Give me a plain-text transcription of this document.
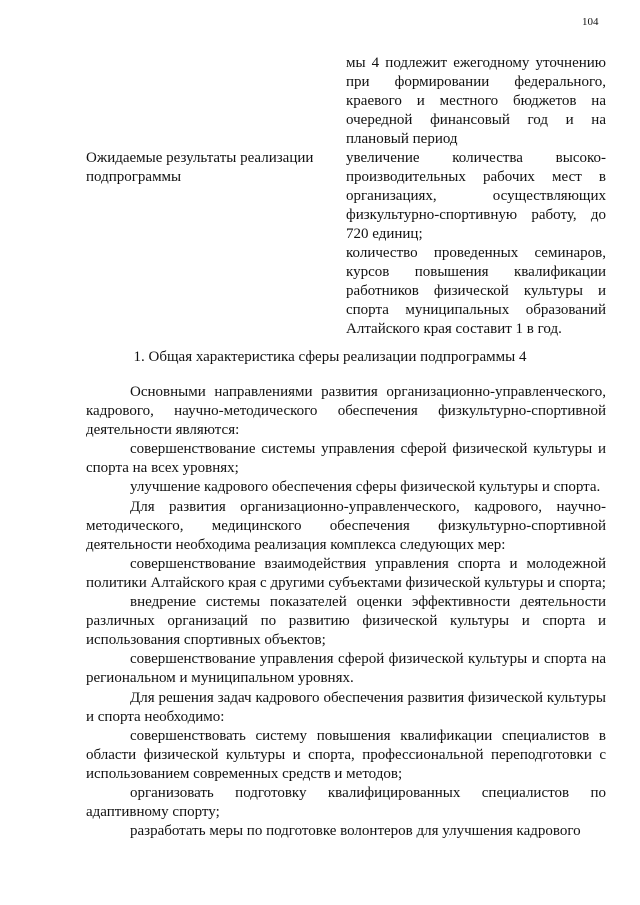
104

мы 4 подлежит ежегодному уточнению при формировании федерального, краевого и местного бюджетов на очередной финансовый год и на плановый период

Ожидаемые результаты реализации подпрограммы

увеличение количества высоко-производительных рабочих мест в организациях, осуществляющих физкультурно-спортивную работу, до 720 единиц;

количество проведенных семинаров, курсов повышения квалификации работников физической культуры и спорта муниципальных образований Алтайского края составит 1 в год.

1. Общая характеристика сферы реализации подпрограммы 4

Основными направлениями развития организационно-управленческого, кадрового, научно-методического обеспечения физкультурно-спортивной деятельности являются:

совершенствование системы управления сферой физической культуры и спорта на всех уровнях;

улучшение кадрового обеспечения сферы физической культуры и спорта.

Для развития организационно-управленческого, кадрового, научно-методического, медицинского обеспечения физкультурно-спортивной деятельности необходима реализация комплекса следующих мер:

совершенствование взаимодействия управления спорта и молодежной политики Алтайского края с другими субъектами физической культуры и спорта;

внедрение системы показателей оценки эффективности деятельности различных организаций по развитию физической культуры и спорта и использования спортивных объектов;

совершенствование управления сферой физической культуры и спорта на региональном и муниципальном уровнях.

Для решения задач кадрового обеспечения развития физической культуры и спорта необходимо:

совершенствовать систему повышения квалификации специалистов в области физической культуры и спорта, профессиональной переподготовки с использованием современных средств и методов;

организовать подготовку квалифицированных специалистов по адаптивному спорту;

разработать меры по подготовке волонтеров для улучшения кадрового
